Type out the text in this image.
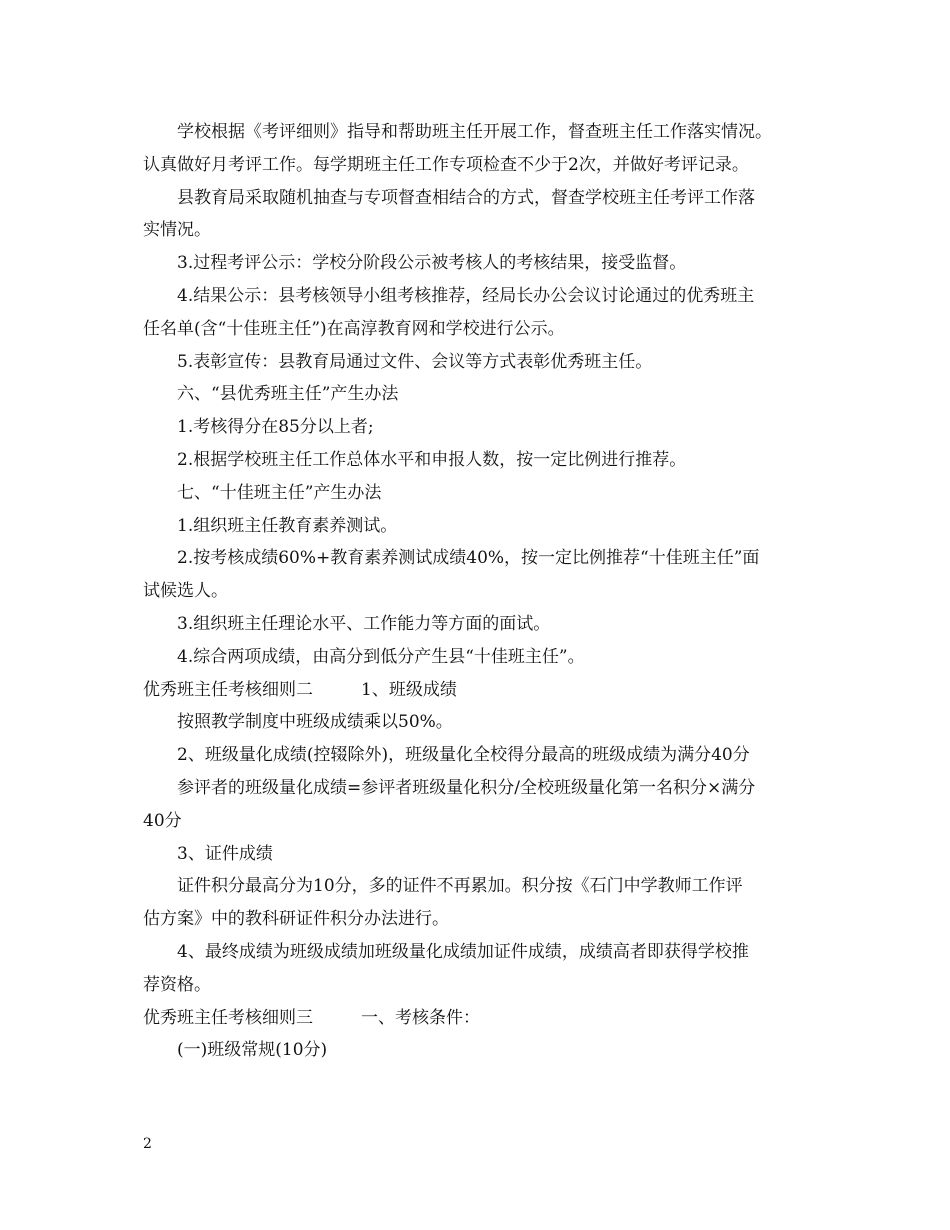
学校根据《考评细则》指导和帮助班主任开展工作，督查班主任工作落实情况。
认真做好月考评工作。每学期班主任工作专项检查不少于2次，并做好考评记录。
县教育局采取随机抽查与专项督查相结合的方式，督查学校班主任考评工作落
实情况。
3.过程考评公示：学校分阶段公示被考核人的考核结果，接受监督。
4.结果公示：县考核领导小组考核推荐，经局长办公会议讨论通过的优秀班主
任名单(含“十佳班主任”)在高淳教育网和学校进行公示。
5.表彰宣传：县教育局通过文件、会议等方式表彰优秀班主任。
六、“县优秀班主任”产生办法
1.考核得分在85分以上者;
2.根据学校班主任工作总体水平和申报人数，按一定比例进行推荐。
七、“十佳班主任”产生办法
1.组织班主任教育素养测试。
2.按考核成绩60%+教育素养测试成绩40%，按一定比例推荐“十佳班主任”面
试候选人。
3.组织班主任理论水平、工作能力等方面的面试。
4.综合两项成绩，由高分到低分产生县“十佳班主任”。
优秀班主任考核细则二	1、班级成绩
按照教学制度中班级成绩乘以50%。
2、班级量化成绩(控辍除外)，班级量化全校得分最高的班级成绩为满分40分
参评者的班级量化成绩=参评者班级量化积分/全校班级量化第一名积分×满分
40分
3、证件成绩
证件积分最高分为10分，多的证件不再累加。积分按《石门中学教师工作评
估方案》中的教科研证件积分办法进行。
4、最终成绩为班级成绩加班级量化成绩加证件成绩，成绩高者即获得学校推
荐资格。
优秀班主任考核细则三	一、考核条件：
(一)班级常规(10分)
2
